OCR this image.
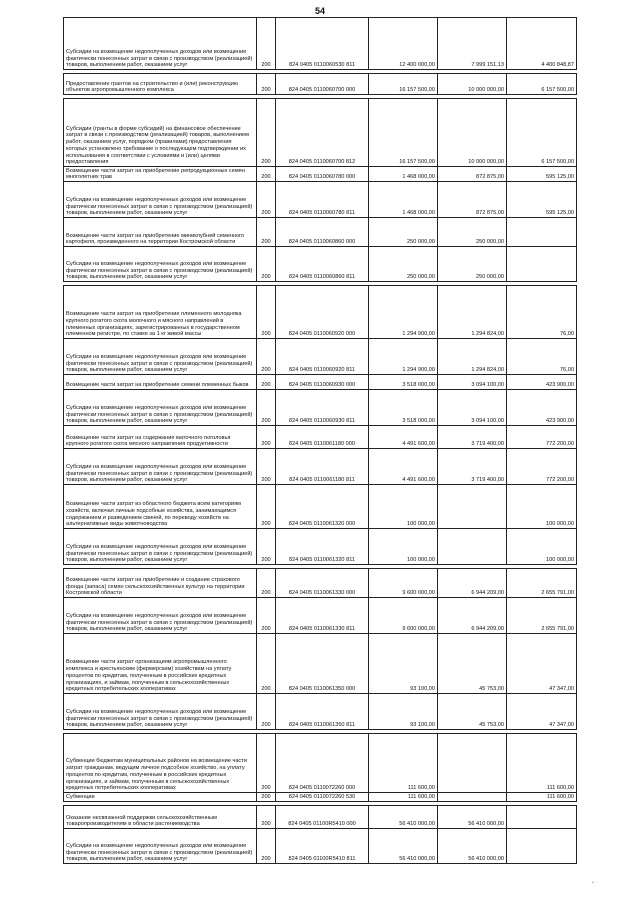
54
Субсидии на возмещение недополученных доходов или возмещение фактически понесенных затрат в связи с производством (реализацией) товаров, выполнением работ, оказанием услуг	200	824 0405 0110060530 811	12 400 000,00	7 999 151,13	4 400 848,87

Предоставление грантов на строительство и (или) реконструкцию объектов агропромышленного комплекса	200	824 0405 0110060700 000	16 157 500,00	10 000 000,00	6 157 500,00

Субсидии (гранты в форме субсидий) на финансовое обеспечение затрат в связи с производством (реализацией) товаров, выполнением работ, оказанием услуг, порядком (правилами) предоставления которых установлено требование о последующем подтверждении их использования в соответствии с условиями и (или) целями предоставления	200	824 0405 0110060700 812	16 157 500,00	10 000 000,00	6 157 500,00
Возмещение части затрат на приобретение репродукционных семян многолетних трав	200	824 0405 0110060780 000	1 468 000,00	872 875,00	595 125,00
Субсидии на возмещение недополученных доходов или возмещение фактически понесенных затрат в связи с производством (реализацией) товаров, выполнением работ, оказанием услуг	200	824 0405 0110060780 811	1 468 000,00	872 875,00	595 125,00
Возмещение части затрат на приобретение миниклубней семенного картофеля, произведенного на территории Костромской области	200	824 0405 0110060860 000	250 000,00	250 000,00	
Субсидии на возмещение недополученных доходов или возмещение фактически понесенных затрат в связи с производством (реализацией) товаров, выполнением работ, оказанием услуг	200	824 0405 0110060860 811	250 000,00	250 000,00	

Возмещение части затрат на приобретение племенного молодняка крупного рогатого скота молочного и мясного направлений в племенных организациях, зарегистрированных в государственном племенном регистре, по ставке за 1 кг живой массы	200	824 0405 0110060920 000	1 294 900,00	1 294 824,00	76,00
Субсидии на возмещение недополученных доходов или возмещение фактически понесенных затрат в связи с производством (реализацией) товаров, выполнением работ, оказанием услуг	200	824 0405 0110060920 811	1 294 900,00	1 294 824,00	76,00
Возмещение части затрат на приобретение семени племенных быков	200	824 0405 0110060930 000	3 518 000,00	3 094 100,00	423 900,00
Субсидии на возмещение недополученных доходов или возмещение фактически понесенных затрат в связи с производством (реализацией) товаров, выполнением работ, оказанием услуг	200	824 0405 0110060930 811	3 518 000,00	3 094 100,00	423 900,00
Возмещение части затрат на содержание маточного поголовья крупного рогатого скота мясного направления продуктивности	200	824 0405 0110061180 000	4 491 600,00	3 719 400,00	772 200,00
Субсидии на возмещение недополученных доходов или возмещение фактически понесенных затрат в связи с производством (реализацией) товаров, выполнением работ, оказанием услуг	200	824 0405 0110061180 811	4 491 600,00	3 719 400,00	772 200,00
Возмещение части затрат из областного бюджета всем категориям хозяйств, включая личные подсобные хозяйства, занимающимся содержанием и разведением свиней, по переводу хозяйств на альтернативные виды животноводства	200	824 0405 0110061320 000	100 000,00		100 000,00
Субсидии на возмещение недополученных доходов или возмещение фактически понесенных затрат в связи с производством (реализацией) товаров, выполнением работ, оказанием услуг	200	824 0405 0110061320 811	100 000,00		100 000,00

Возмещение части затрат на приобретение и создание страхового фонда (запаса) семян сельскохозяйственных культур на территории Костромской области	200	824 0405 0110061330 000	9 600 000,00	6 944 209,00	2 655 791,00
Субсидии на возмещение недополученных доходов или возмещение фактически понесенных затрат в связи с производством (реализацией) товаров, выполнением работ, оказанием услуг	200	824 0405 0110061330 811	9 600 000,00	6 944 209,00	2 655 791,00
Возмещение части затрат организациям агропромышленного комплекса и крестьянским (фермерским) хозяйствам на уплату процентов по кредитам, полученным в российских кредитных организациях, и займам, полученным в сельскохозяйственных кредитных потребительских кооперативах	200	824 0405 0110061350 000	93 100,00	45 753,00	47 347,00
Субсидии на возмещение недополученных доходов или возмещение фактически понесенных затрат в связи с производством (реализацией) товаров, выполнением работ, оказанием услуг	200	824 0405 0110061350 811	93 100,00	45 753,00	47 347,00

Субвенции бюджетам муниципальных районов на возмещение части затрат гражданам, ведущим личное подсобное хозяйство, на уплату процентов по кредитам, полученным в российских кредитных организациях, и займам, полученным в сельскохозяйственных кредитных потребительских кооперативах	200	824 0405 0110072260 000	111 600,00		111 600,00
Субвенции	200	824 0405 0110072260 530	111 600,00		111 600,00

Оказание несвязанной поддержки сельскохозяйственным товаропроизводителям в области растениеводства	200	824 0405 01100R5410 000	56 410 000,00	56 410 000,00	
Субсидии на возмещение недополученных доходов или возмещение фактически понесенных затрат в связи с производством (реализацией) товаров, выполнением работ, оказанием услуг	200	824 0405 01100R5410 811	56 410 000,00	56 410 000,00	
• ·
